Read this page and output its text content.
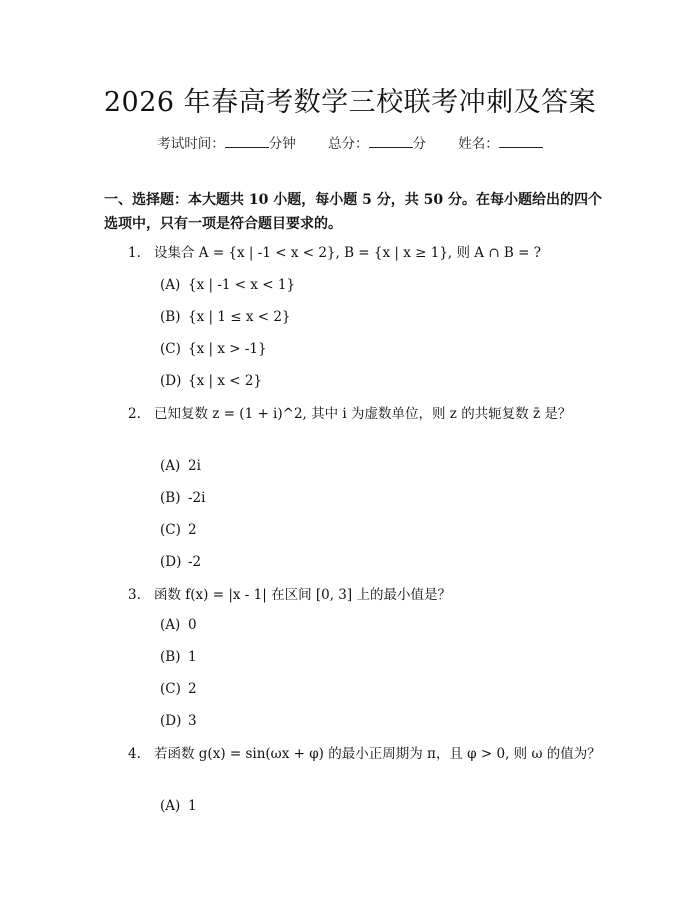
2026 年春高考数学三校联考冲刺及答案
考试时间：	分钟 总分：	分 姓名：
一、选择题：本大题共 10 小题，每小题 5 分，共 50 分。在每小题给出的四个选项中，只有一项是符合题目要求的。
1. 设集合 A = {x | -1 < x < 2}, B = {x | x ≥ 1}, 则 A ∩ B = ?
(A) {x | -1 < x < 1}
(B) {x | 1 ≤ x < 2}
(C) {x | x > -1}
(D) {x | x < 2}
2. 已知复数 z = (1 + i)^2, 其中 i 为虚数单位，则 z 的共轭复数 z̄ 是？
(A) 2i
(B) -2i
(C) 2
(D) -2
3. 函数 f(x) = |x - 1| 在区间 [0, 3] 上的最小值是？
(A) 0
(B) 1
(C) 2
(D) 3
4. 若函数 g(x) = sin(ωx + φ) 的最小正周期为 π，且 φ > 0, 则 ω 的值为？
(A) 1
